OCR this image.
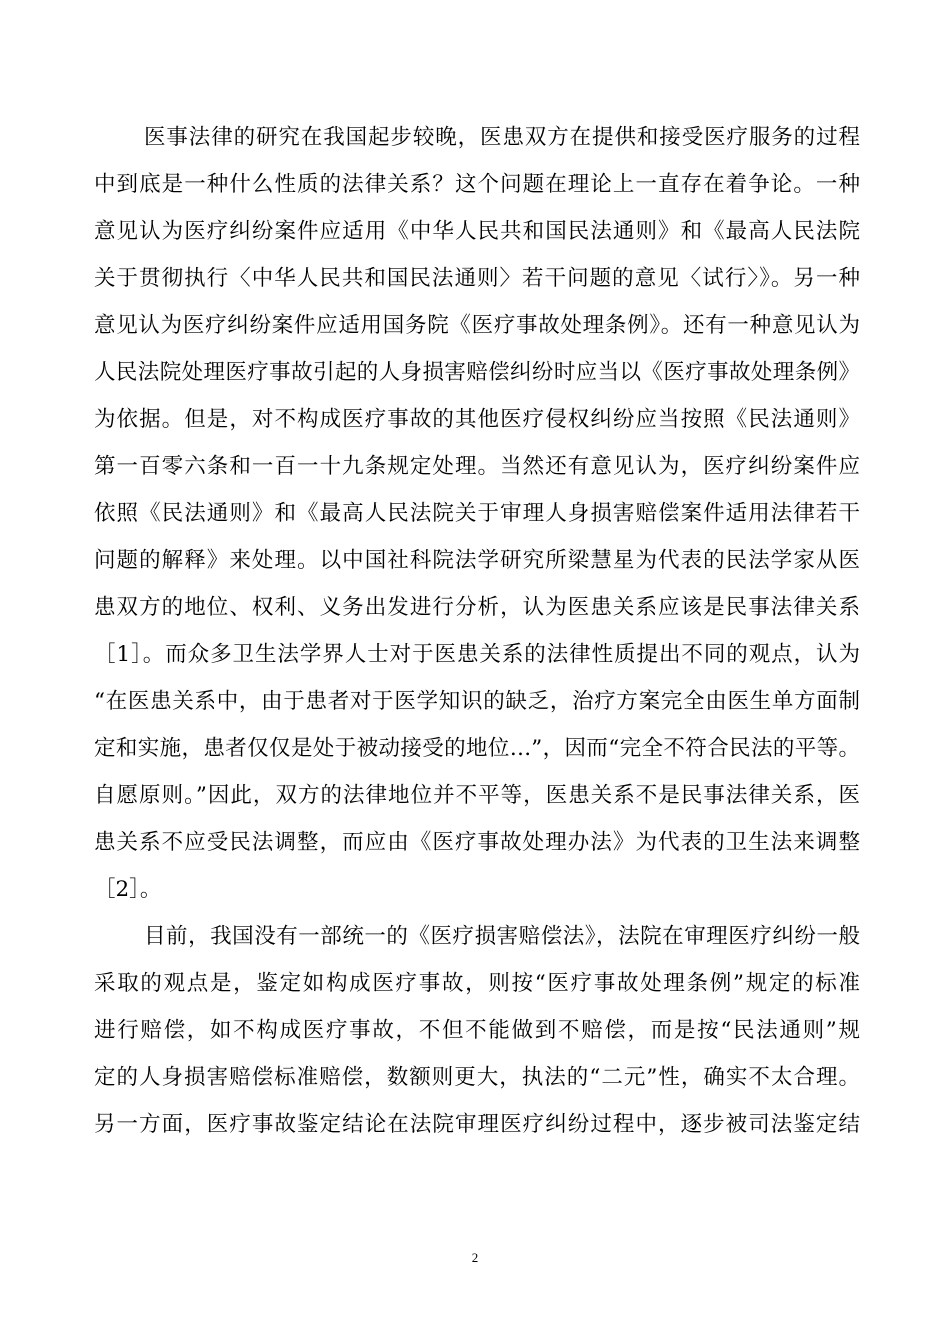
医事法律的研究在我国起步较晚，医患双方在提供和接受医疗服务的过程
中到底是一种什么性质的法律关系？这个问题在理论上一直存在着争论。一种
意见认为医疗纠纷案件应适用《中华人民共和国民法通则》和《最高人民法院
关于贯彻执行〈中华人民共和国民法通则〉若干问题的意见〈试行〉》。另一种
意见认为医疗纠纷案件应适用国务院《医疗事故处理条例》。还有一种意见认为
人民法院处理医疗事故引起的人身损害赔偿纠纷时应当以《医疗事故处理条例》
为依据。但是，对不构成医疗事故的其他医疗侵权纠纷应当按照《民法通则》
第一百零六条和一百一十九条规定处理。当然还有意见认为，医疗纠纷案件应
依照《民法通则》和《最高人民法院关于审理人身损害赔偿案件适用法律若干
问题的解释》来处理。以中国社科院法学研究所梁慧星为代表的民法学家从医
患双方的地位、权利、义务出发进行分析，认为医患关系应该是民事法律关系
［1］。而众多卫生法学界人士对于医患关系的法律性质提出不同的观点，认为
“在医患关系中，由于患者对于医学知识的缺乏，治疗方案完全由医生单方面制
定和实施，患者仅仅是处于被动接受的地位…”，因而“完全不符合民法的平等。
自愿原则。”因此，双方的法律地位并不平等，医患关系不是民事法律关系，医
患关系不应受民法调整，而应由《医疗事故处理办法》为代表的卫生法来调整
［2］。
目前，我国没有一部统一的《医疗损害赔偿法》，法院在审理医疗纠纷一般
采取的观点是，鉴定如构成医疗事故，则按“医疗事故处理条例”规定的标准
进行赔偿，如不构成医疗事故，不但不能做到不赔偿，而是按“民法通则”规
定的人身损害赔偿标准赔偿，数额则更大，执法的“二元”性，确实不太合理。
另一方面，医疗事故鉴定结论在法院审理医疗纠纷过程中，逐步被司法鉴定结
2
